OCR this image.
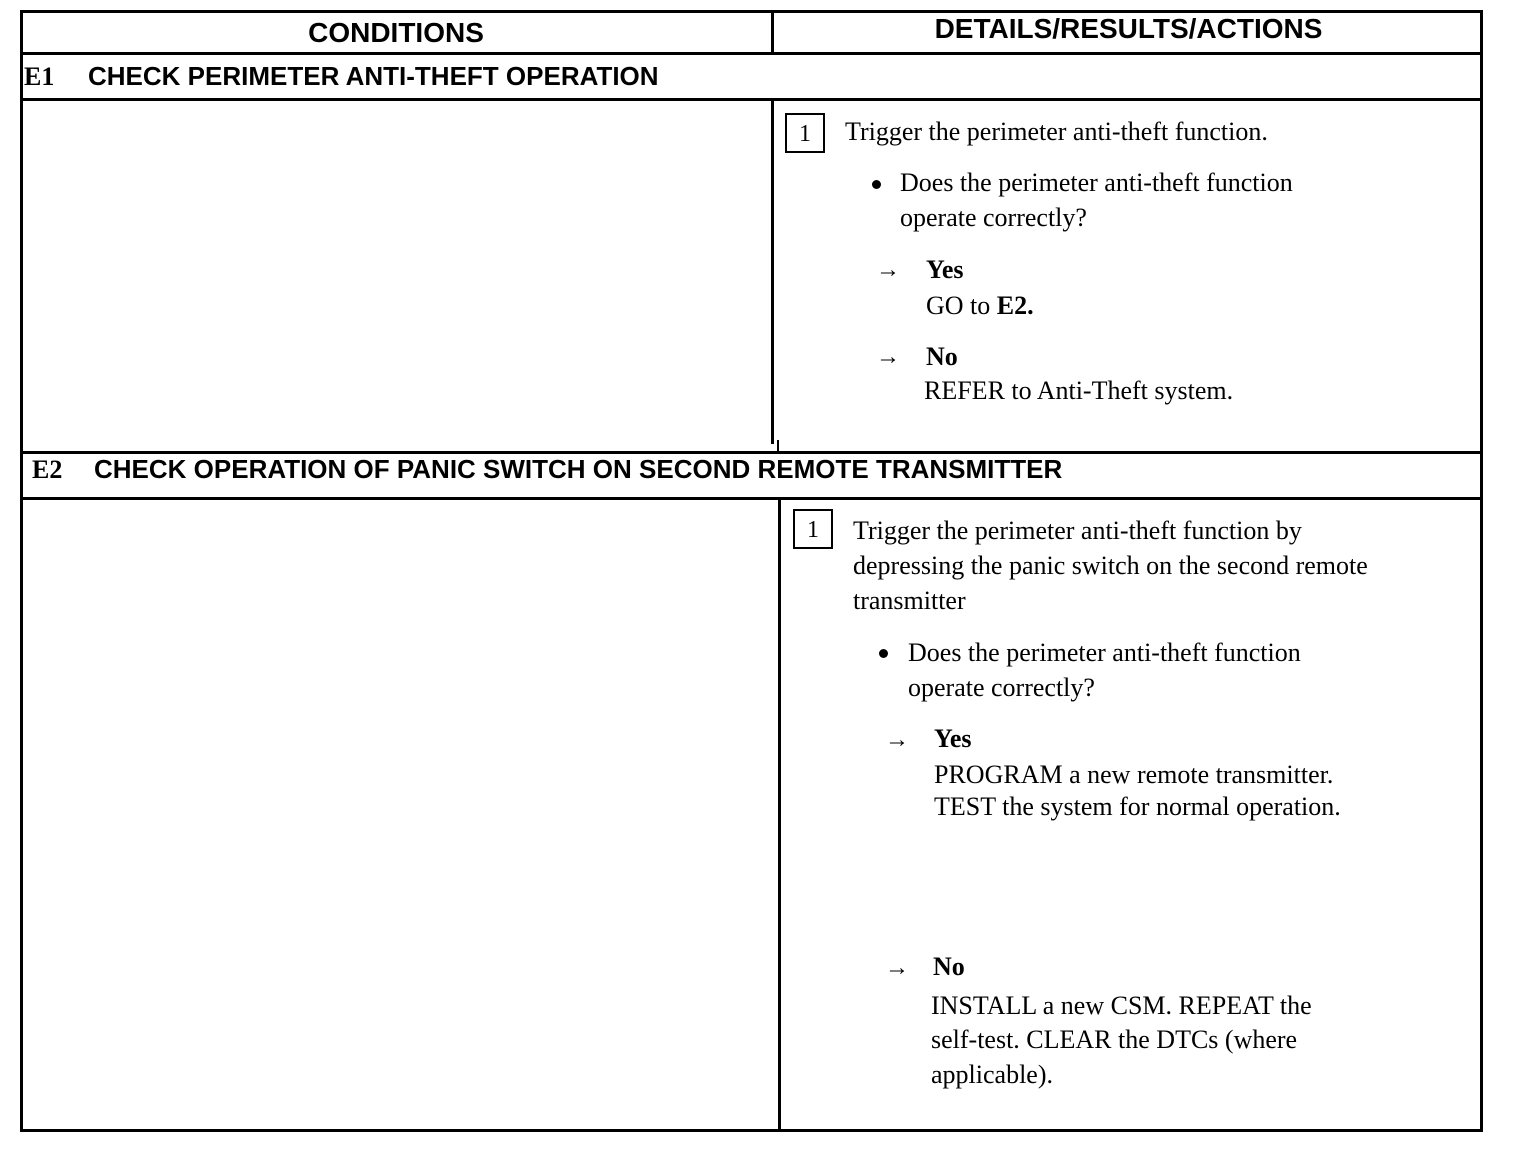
CONDITIONS	DETAILS/RESULTS/ACTIONS
E1 CHECK PERIMETER ANTI-THEFT OPERATION
1	Trigger the perimeter anti-theft function.
Does the perimeter anti-theft function
operate correctly?
→ Yes
GO to E2.
→ No
REFER to Anti-Theft system.
E2 CHECK OPERATION OF PANIC SWITCH ON SECOND REMOTE TRANSMITTER
1	Trigger the perimeter anti-theft function by
depressing the panic switch on the second remote
transmitter
Does the perimeter anti-theft function
operate correctly?
→ Yes
PROGRAM a new remote transmitter.
TEST the system for normal operation.
→ No
INSTALL a new CSM. REPEAT the
self-test. CLEAR the DTCs (where
applicable).
